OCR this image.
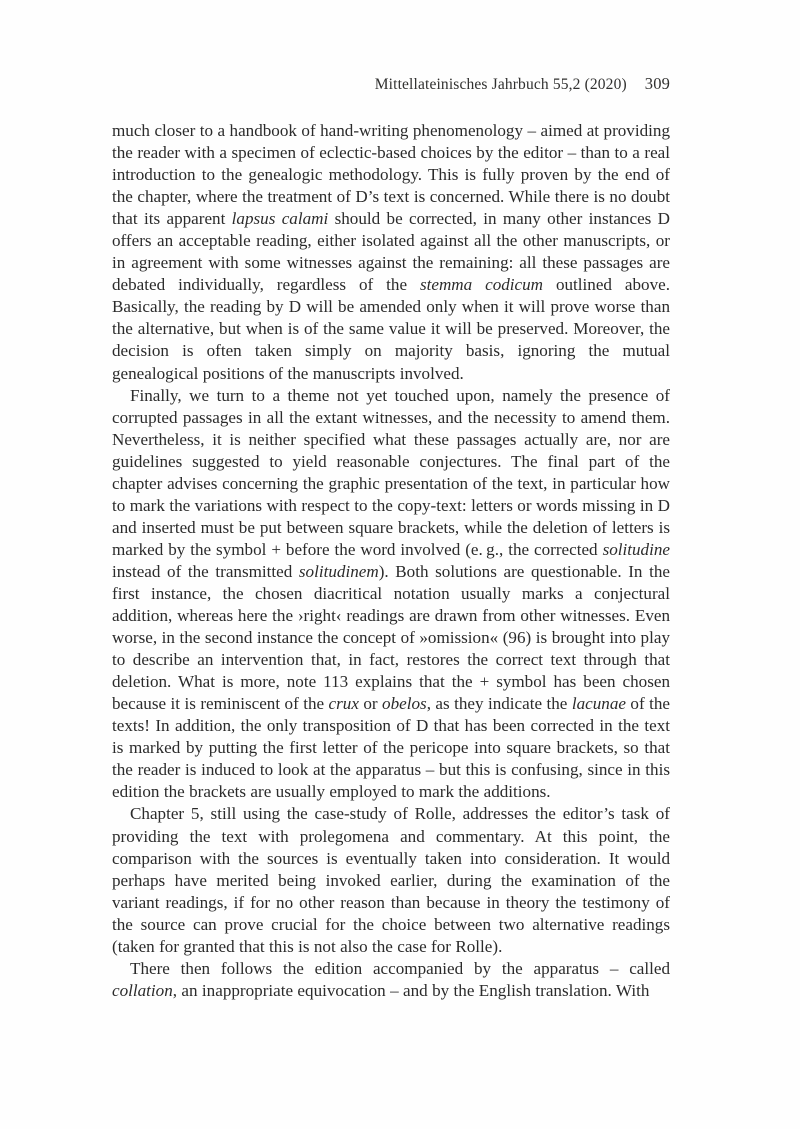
Mittellateinisches Jahrbuch 55,2 (2020) 309

much closer to a handbook of hand-writing phenomenology – aimed at providing the reader with a specimen of eclectic-based choices by the editor – than to a real introduction to the genealogic methodology. This is fully proven by the end of the chapter, where the treatment of D’s text is concerned. While there is no doubt that its apparent lapsus calami should be corrected, in many other instances D offers an acceptable reading, either isolated against all the other manuscripts, or in agreement with some witnesses against the remaining: all these passages are debated individually, regardless of the stemma codicum outlined above. Basically, the reading by D will be amended only when it will prove worse than the alternative, but when is of the same value it will be preserved. Moreover, the decision is often taken simply on majority basis, ignoring the mutual genealogical positions of the manuscripts involved.

Finally, we turn to a theme not yet touched upon, namely the presence of corrupted passages in all the extant witnesses, and the necessity to amend them. Nevertheless, it is neither specified what these passages actually are, nor are guidelines suggested to yield reasonable conjectures. The final part of the chapter advises concerning the graphic presentation of the text, in particular how to mark the variations with respect to the copy-text: letters or words missing in D and inserted must be put between square brackets, while the deletion of letters is marked by the symbol + before the word involved (e. g., the corrected solitudine instead of the transmitted solitudinem). Both solutions are questionable. In the first instance, the chosen diacritical notation usually marks a conjectural addition, whereas here the ›right‹ readings are drawn from other witnesses. Even worse, in the second instance the concept of »omission« (96) is brought into play to describe an intervention that, in fact, restores the correct text through that deletion. What is more, note 113 explains that the + symbol has been chosen because it is reminiscent of the crux or obelos, as they indicate the lacunae of the texts! In addition, the only transposition of D that has been corrected in the text is marked by putting the first letter of the pericope into square brackets, so that the reader is induced to look at the apparatus – but this is confusing, since in this edition the brackets are usually employed to mark the additions.

Chapter 5, still using the case-study of Rolle, addresses the editor’s task of providing the text with prolegomena and commentary. At this point, the comparison with the sources is eventually taken into consideration. It would perhaps have merited being invoked earlier, during the examination of the variant readings, if for no other reason than because in theory the testimony of the source can prove crucial for the choice between two alternative readings (taken for granted that this is not also the case for Rolle).

There then follows the edition accompanied by the apparatus – called collation, an inappropriate equivocation – and by the English translation. With
